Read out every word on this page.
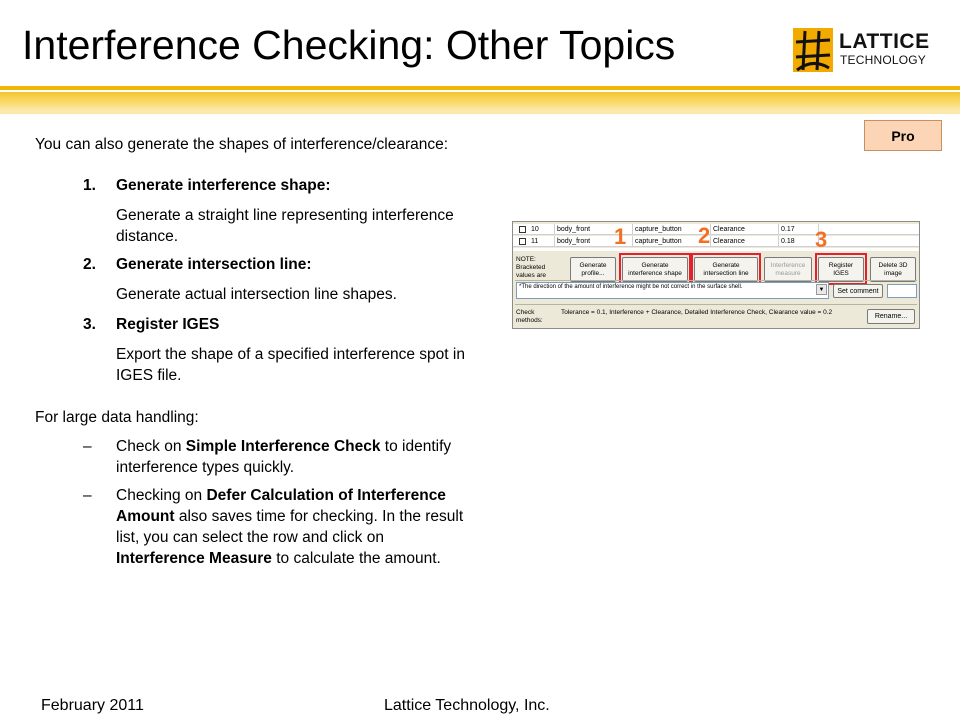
Interference Checking: Other Topics	LATTICE
TECHNOLOGY
Pro
You can also generate the shapes of interference/clearance:
1. Generate interference shape:
Generate a straight line representing interference distance.
2. Generate intersection line:
Generate actual intersection line shapes.
3. Register IGES
Export the shape of a specified interference spot in IGES file.
For large data handling:
– Check on Simple Interference Check to identify interference types quickly.
– Checking on Defer Calculation of Interference Amount also saves time for checking. In the result list, you can select the row and click on Interference Measure to calculate the amount.
10	body_front	capture_button	Clearance	0.17
11	body_front	capture_button	Clearance	0.18
NOTE:
Bracketed
values are
Generate
profile...
Generate
interference shape
Generate
intersection line
Interference
measure
Register
IGES
Delete 3D
image
*The direction of the amount of interference might be not correct in the surface shell.	▼	Set comment
Check
methods:
Tolerance = 0.1, Interference + Clearance, Detailed Interference Check, Clearance value = 0.2
Rename...
1	2	3
February 2011	Lattice Technology, Inc.
